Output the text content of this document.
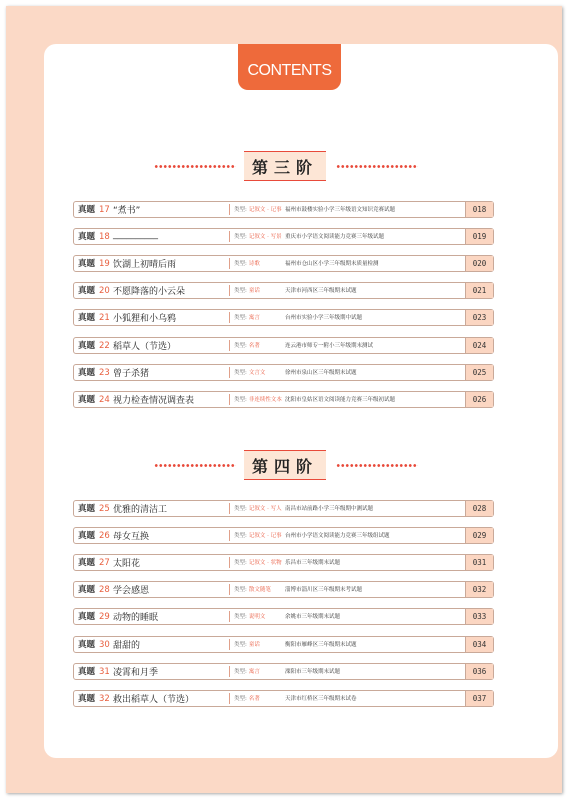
CONTENTS
第三阶
真题 17 “煮书”	类型: 记叙文 · 记事 福州市鼓楼实验小学三年级语文知识竞赛试题	018
真题 18 __________	类型: 记叙文 · 写景 重庆市小学语文阅读能力竞赛三年级试题	019
真题 19 饮湖上初晴后雨	类型: 诗歌	福州市仓山区小学三年级期末质量检测	020
真题 20 不愿降落的小云朵	类型: 童话	天津市河西区三年级期末试题	021
真题 21 小狐狸和小乌鸦	类型: 寓言	台州市实验小学三年级期中试题	023
真题 22 稻草人（节选）	类型: 名著	连云港市师专一附小三年级期末测试	024
真题 23 曾子杀猪	类型: 文言文	徐州市泉山区三年级期末试题	025
真题 24 视力检查情况调查表	类型: 非连续性文本 沈阳市皇姑区语文阅读能力竞赛三年级初试题	026
第四阶
真题 25 优雅的清洁工	类型: 记叙文 · 写人 南昌市站前路小学三年级期中测试题	028
真题 26 母女互换	类型: 记叙文 · 记事 台州市小学语文阅读能力竞赛三年级组试题	029
真题 27 太阳花	类型: 记叙文 · 状物 乐昌市三年级期末试题	031
真题 28 学会感恩	类型: 散文随笔	淄博市淄川区三年级期末考试题	032
真题 29 动物的睡眠	类型: 说明文	余姚市三年级期末试题	033
真题 30 甜甜的	类型: 童话	衡阳市雁峰区三年级期末试题	034
真题 31 凌霄和月季	类型: 寓言	溧阳市三年级期末试题	036
真题 32 救出稻草人（节选）	类型: 名著	天津市红桥区三年级期末试卷	037
